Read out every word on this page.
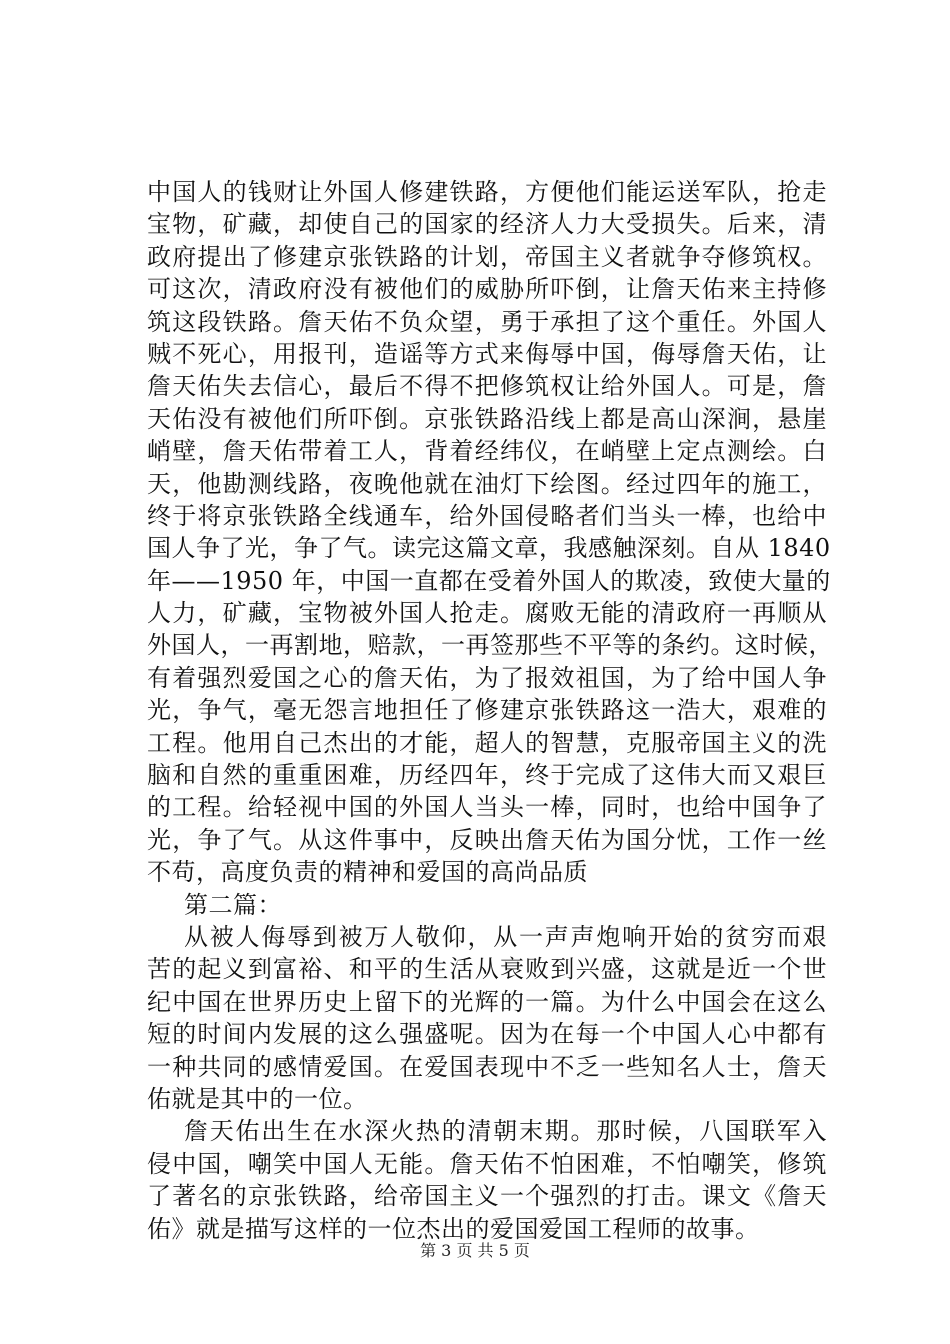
中国人的钱财让外国人修建铁路，方便他们能运送军队，抢走
宝物，矿藏，却使自己的国家的经济人力大受损失。后来，清
政府提出了修建京张铁路的计划，帝国主义者就争夺修筑权。
可这次，清政府没有被他们的威胁所吓倒，让詹天佑来主持修
筑这段铁路。詹天佑不负众望，勇于承担了这个重任。外国人
贼不死心，用报刊，造谣等方式来侮辱中国，侮辱詹天佑，让
詹天佑失去信心，最后不得不把修筑权让给外国人。可是，詹
天佑没有被他们所吓倒。京张铁路沿线上都是高山深涧，悬崖
峭壁，詹天佑带着工人，背着经纬仪，在峭壁上定点测绘。白
天，他勘测线路，夜晚他就在油灯下绘图。经过四年的施工，
终于将京张铁路全线通车，给外国侵略者们当头一棒，也给中
国人争了光，争了气。读完这篇文章，我感触深刻。自从 1840
年——1950 年，中国一直都在受着外国人的欺凌，致使大量的
人力，矿藏，宝物被外国人抢走。腐败无能的清政府一再顺从
外国人，一再割地，赔款，一再签那些不平等的条约。这时候，
有着强烈爱国之心的詹天佑，为了报效祖国，为了给中国人争
光，争气，毫无怨言地担任了修建京张铁路这一浩大，艰难的
工程。他用自己杰出的才能，超人的智慧，克服帝国主义的洗
脑和自然的重重困难，历经四年，终于完成了这伟大而又艰巨
的工程。给轻视中国的外国人当头一棒，同时，也给中国争了
光，争了气。从这件事中，反映出詹天佑为国分忧，工作一丝
不苟，高度负责的精神和爱国的高尚品质
第二篇：
从被人侮辱到被万人敬仰，从一声声炮响开始的贫穷而艰
苦的起义到富裕、和平的生活从衰败到兴盛，这就是近一个世
纪中国在世界历史上留下的光辉的一篇。为什么中国会在这么
短的时间内发展的这么强盛呢。因为在每一个中国人心中都有
一种共同的感情爱国。在爱国表现中不乏一些知名人士，詹天
佑就是其中的一位。
詹天佑出生在水深火热的清朝末期。那时候，八国联军入
侵中国，嘲笑中国人无能。詹天佑不怕困难，不怕嘲笑，修筑
了著名的京张铁路，给帝国主义一个强烈的打击。课文《詹天
佑》就是描写这样的一位杰出的爱国爱国工程师的故事。
第 3 页 共 5 页
